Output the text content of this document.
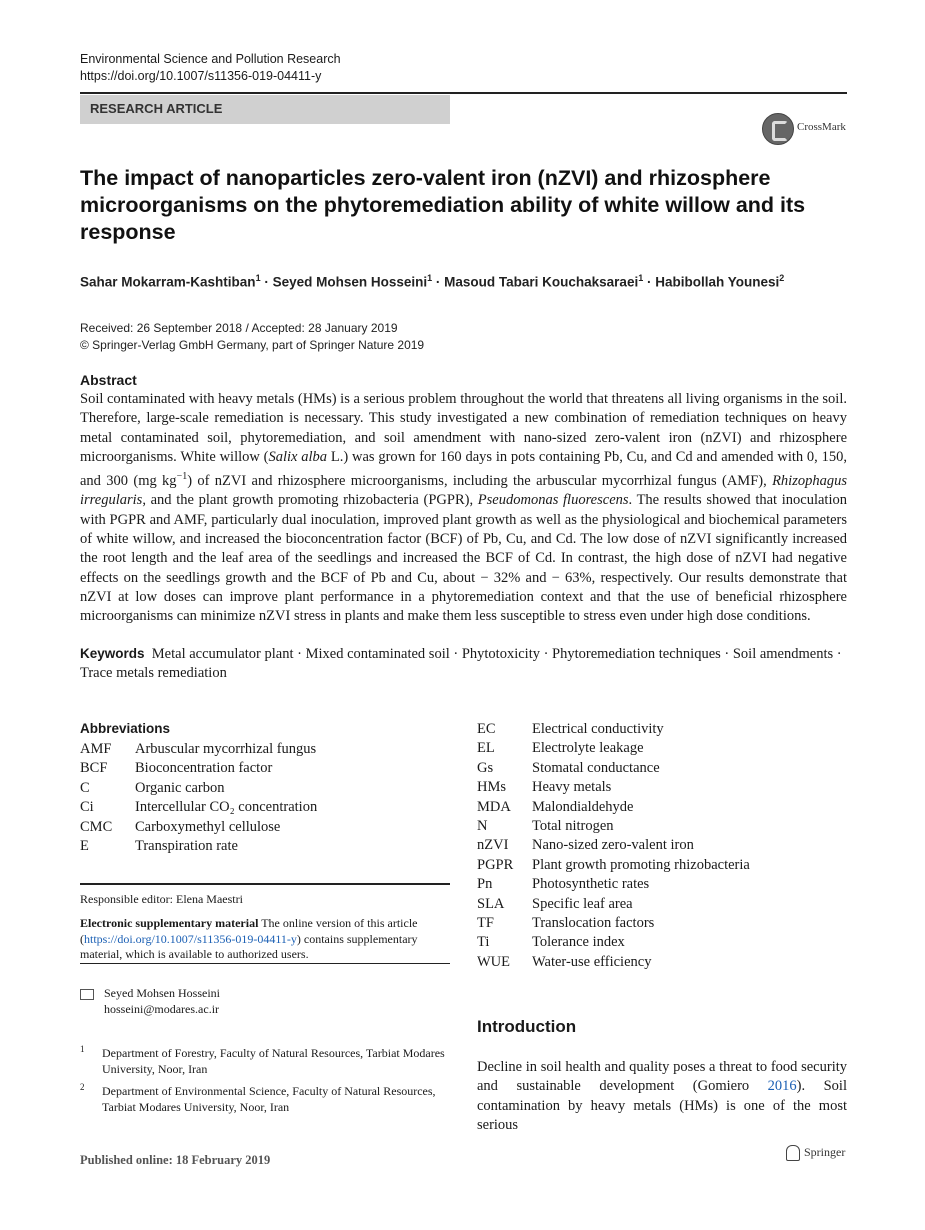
Environmental Science and Pollution Research
https://doi.org/10.1007/s11356-019-04411-y
RESEARCH ARTICLE
CrossMark
The impact of nanoparticles zero-valent iron (nZVI) and rhizosphere microorganisms on the phytoremediation ability of white willow and its response
Sahar Mokarram-Kashtiban$^1$ · Seyed Mohsen Hosseini$^1$ · Masoud Tabari Kouchaksaraei$^1$ · Habibollah Younesi$^2$
Received: 26 September 2018 / Accepted: 28 January 2019
© Springer-Verlag GmbH Germany, part of Springer Nature 2019
Abstract
Soil contaminated with heavy metals (HMs) is a serious problem throughout the world that threatens all living organisms in the soil. Therefore, large-scale remediation is necessary. This study investigated a new combination of remediation techniques on heavy metal contaminated soil, phytoremediation, and soil amendment with nano-sized zero-valent iron (nZVI) and rhizosphere microorganisms. White willow (Salix alba L.) was grown for 160 days in pots containing Pb, Cu, and Cd and amended with 0, 150, and 300 (mg $kg^{-1}$) of nZVI and rhizosphere microorganisms, including the arbuscular mycorrhizal fungus (AMF), Rhizophagus irregularis, and the plant growth promoting rhizobacteria (PGPR), Pseudomonas fluorescens. The results showed that inoculation with PGPR and AMF, particularly dual inoculation, improved plant growth as well as the physiological and biochemical parameters of white willow, and increased the bioconcentration factor (BCF) of Pb, Cu, and Cd. The low dose of nZVI significantly increased the root length and the leaf area of the seedlings and increased the BCF of Cd. In contrast, the high dose of nZVI had negative effects on the seedlings growth and the BCF of Pb and Cu, about − 32% and − 63%, respectively. Our results demonstrate that nZVI at low doses can improve plant performance in a phytoremediation context and that the use of beneficial rhizosphere microorganisms can minimize nZVI stress in plants and make them less susceptible to stress even under high dose conditions.
Keywords Metal accumulator plant · Mixed contaminated soil · Phytotoxicity · Phytoremediation techniques · Soil amendments · Trace metals remediation
Abbreviations
AMF Arbuscular mycorrhizal fungus
BCF Bioconcentration factor
C	Organic carbon
Ci	Intercellular CO₂ concentration
CMC Carboxymethyl cellulose
E	Transpiration rate
EC	Electrical conductivity
EL	Electrolyte leakage
Gs	Stomatal conductance
HMs Heavy metals
MDA Malondialdehyde
N	Total nitrogen
nZVI Nano-sized zero-valent iron
PGPR Plant growth promoting rhizobacteria
Pn	Photosynthetic rates
SLA Specific leaf area
TF	Translocation factors
Ti	Tolerance index
WUE Water-use efficiency
Responsible editor: Elena Maestri
Electronic supplementary material The online version of this article (https://doi.org/10.1007/s11356-019-04411-y) contains supplementary material, which is available to authorized users.
Seyed Mohsen Hosseini
hosseini@modares.ac.ir
1 Department of Forestry, Faculty of Natural Resources, Tarbiat Modares University, Noor, Iran
2 Department of Environmental Science, Faculty of Natural Resources, Tarbiat Modares University, Noor, Iran
Introduction
Decline in soil health and quality poses a threat to food security and sustainable development (Gomiero 2016). Soil contamination by heavy metals (HMs) is one of the most serious
Published online: 18 February 2019
Springer
